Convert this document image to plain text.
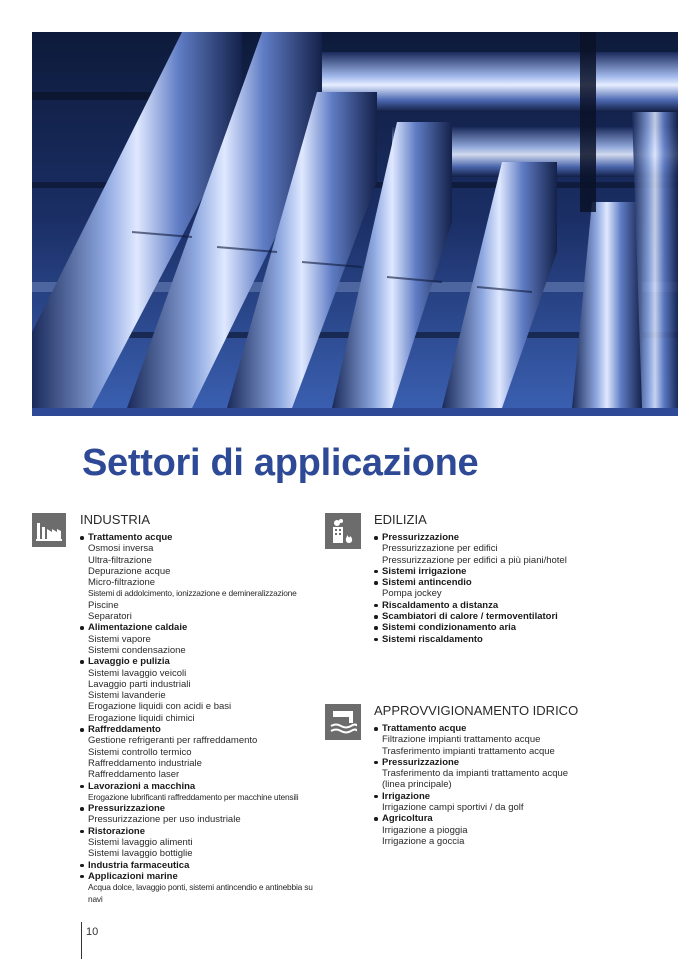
Settori di applicazione
INDUSTRIA
Trattamento acque
Osmosi inversa
Ultra-filtrazione
Depurazione acque
Micro-filtrazione
Sistemi di addolcimento, ionizzazione e demineralizzazione
Piscine
Separatori
Alimentazione caldaie
Sistemi vapore
Sistemi condensazione
Lavaggio e pulizia
Sistemi lavaggio veicoli
Lavaggio parti industriali
Sistemi lavanderie
Erogazione liquidi con acidi e basi
Erogazione liquidi chimici
Raffreddamento
Gestione refrigeranti per raffreddamento
Sistemi controllo termico
Raffreddamento industriale
Raffreddamento laser
Lavorazioni a macchina
Erogazione lubrificanti raffreddamento per macchine utensili
Pressurizzazione
Pressurizzazione per uso industriale
Ristorazione
Sistemi lavaggio alimenti
Sistemi lavaggio bottiglie
Industria farmaceutica
Applicazioni marine
Acqua dolce, lavaggio ponti, sistemi antincendio e antinebbia su navi
EDILIZIA
Pressurizzazione
Pressurizzazione per edifici
Pressurizzazione per edifici a più piani/hotel
Sistemi irrigazione
Sistemi antincendio
Pompa jockey
Riscaldamento a distanza
Scambiatori di calore / termoventilatori
Sistemi condizionamento aria
Sistemi riscaldamento
APPROVVIGIONAMENTO IDRICO
Trattamento acque
Filtrazione impianti trattamento acque
Trasferimento impianti trattamento acque
Pressurizzazione
Trasferimento da impianti trattamento acque
(linea principale)
Irrigazione
Irrigazione campi sportivi / da golf
Agricoltura
Irrigazione a pioggia
Irrigazione a goccia
10
